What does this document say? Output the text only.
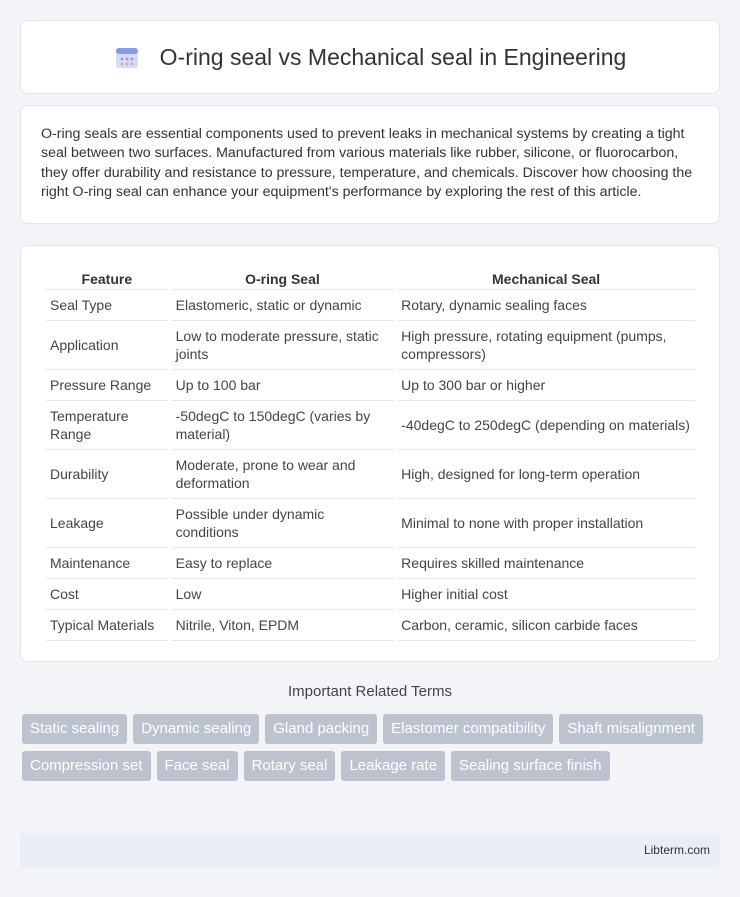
O-ring seal vs Mechanical seal in Engineering

O-ring seals are essential components used to prevent leaks in mechanical systems by creating a tight seal between two surfaces. Manufactured from various materials like rubber, silicone, or fluorocarbon, they offer durability and resistance to pressure, temperature, and chemicals. Discover how choosing the right O-ring seal can enhance your equipment's performance by exploring the rest of this article.

Feature	O-ring Seal	Mechanical Seal
Seal Type	Elastomeric, static or dynamic	Rotary, dynamic sealing faces
Application	Low to moderate pressure, static joints	High pressure, rotating equipment (pumps, compressors)
Pressure Range	Up to 100 bar	Up to 300 bar or higher
Temperature Range	-50degC to 150degC (varies by material)	-40degC to 250degC (depending on materials)
Durability	Moderate, prone to wear and deformation	High, designed for long-term operation
Leakage	Possible under dynamic conditions	Minimal to none with proper installation
Maintenance	Easy to replace	Requires skilled maintenance
Cost	Low	Higher initial cost
Typical Materials	Nitrile, Viton, EPDM	Carbon, ceramic, silicon carbide faces
Important Related Terms
Static sealing	Dynamic sealing	Gland packing	Elastomer compatibility	Shaft misalignment
Compression set	Face seal	Rotary seal	Leakage rate	Sealing surface finish
Libterm.com
